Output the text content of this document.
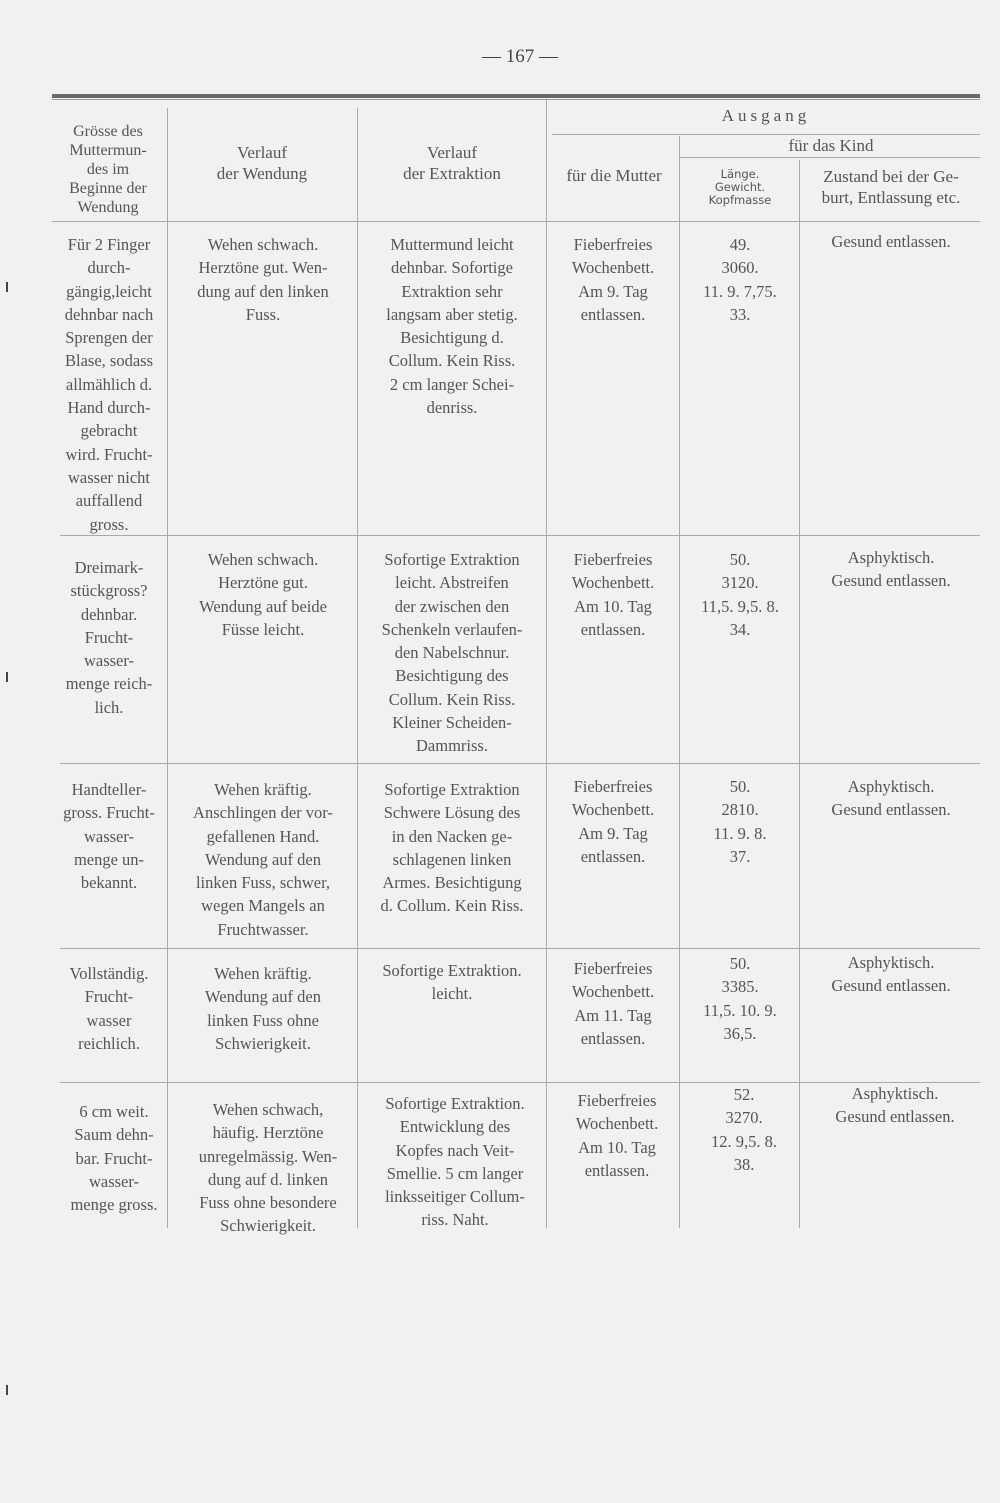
— 167 —
Grösse des
Muttermun-
des im
Beginne der
Wendung
Verlauf
der Wendung
Verlauf
der Extraktion
Ausgang
für die Mutter
für das Kind
Länge.
Gewicht.
Kopfmasse
Zustand bei der Ge-
burt, Entlassung etc.
Für 2 Finger
durch-
gängig,leicht
dehnbar nach
Sprengen der
Blase, sodass
allmählich d.
Hand durch-
gebracht
wird. Frucht-
wasser nicht
auffallend
gross.
Wehen schwach.
Herztöne gut. Wen-
dung auf den linken
Fuss.
Muttermund leicht
dehnbar. Sofortige
Extraktion sehr
langsam aber stetig.
Besichtigung d.
Collum. Kein Riss.
2 cm langer Schei-
denriss.
Fieberfreies
Wochenbett.
Am 9. Tag
entlassen.
49.
3060.
11. 9. 7,75.
33.
Gesund entlassen.
Dreimark-
stückgross?
dehnbar.
Frucht-
wasser-
menge reich-
lich.
Wehen schwach.
Herztöne gut.
Wendung auf beide
Füsse leicht.
Sofortige Extraktion
leicht. Abstreifen
der zwischen den
Schenkeln verlaufen-
den Nabelschnur.
Besichtigung des
Collum. Kein Riss.
Kleiner Scheiden-
Dammriss.
Fieberfreies
Wochenbett.
Am 10. Tag
entlassen.
50.
3120.
11,5. 9,5. 8.
34.
Asphyktisch.
Gesund entlassen.
Handteller-
gross. Frucht-
wasser-
menge un-
bekannt.
Wehen kräftig.
Anschlingen der vor-
gefallenen Hand.
Wendung auf den
linken Fuss, schwer,
wegen Mangels an
Fruchtwasser.
Sofortige Extraktion
Schwere Lösung des
in den Nacken ge-
schlagenen linken
Armes. Besichtigung
d. Collum. Kein Riss.
Fieberfreies
Wochenbett.
Am 9. Tag
entlassen.
50.
2810.
11. 9. 8.
37.
Asphyktisch.
Gesund entlassen.
Vollständig.
Frucht-
wasser
reichlich.
Wehen kräftig.
Wendung auf den
linken Fuss ohne
Schwierigkeit.
Sofortige Extraktion.
leicht.
Fieberfreies
Wochenbett.
Am 11. Tag
entlassen.
50.
3385.
11,5. 10. 9.
36,5.
Asphyktisch.
Gesund entlassen.
6 cm weit.
Saum dehn-
bar. Frucht-
wasser-
menge gross.
Wehen schwach,
häufig. Herztöne
unregelmässig. Wen-
dung auf d. linken
Fuss ohne besondere
Schwierigkeit.
Sofortige Extraktion.
Entwicklung des
Kopfes nach Veit-
Smellie. 5 cm langer
linksseitiger Collum-
riss. Naht.
Fieberfreies
Wochenbett.
Am 10. Tag
entlassen.
52.
3270.
12. 9,5. 8.
38.
Asphyktisch.
Gesund entlassen.
